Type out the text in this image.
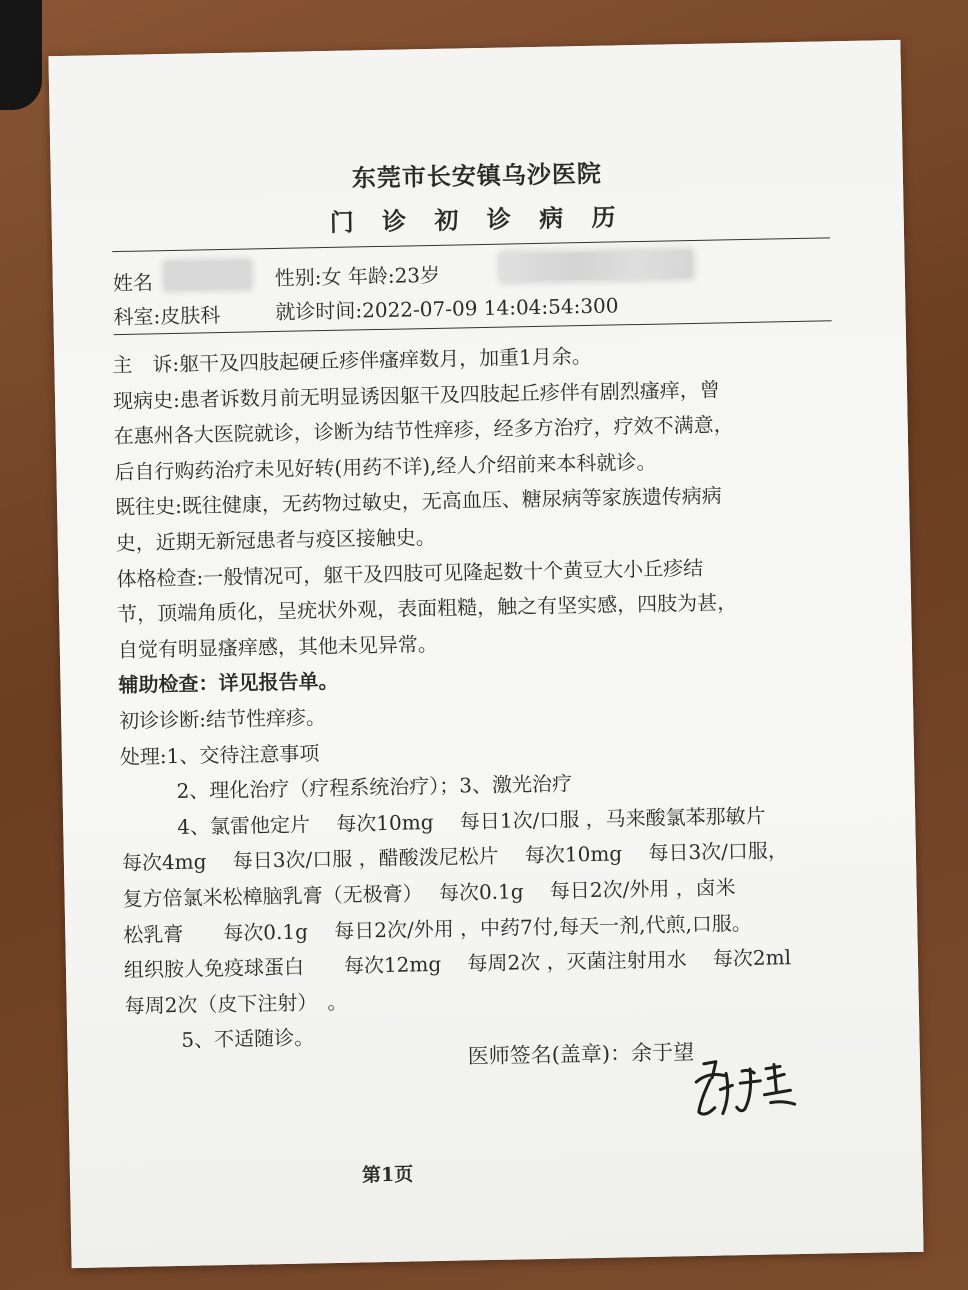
东莞市长安镇乌沙医院
门 诊 初 诊 病 历
姓名	性别:女 年龄:23岁
科室:皮肤科	就诊时间:2022-07-09 14:04:54:300
主　诉:躯干及四肢起硬丘疹伴瘙痒数月，加重1月余。
现病史:患者诉数月前无明显诱因躯干及四肢起丘疹伴有剧烈瘙痒，曾
在惠州各大医院就诊，诊断为结节性痒疹，经多方治疗，疗效不满意，
后自行购药治疗未见好转(用药不详),经人介绍前来本科就诊。
既往史:既往健康，无药物过敏史，无高血压、糖尿病等家族遗传病病
史，近期无新冠患者与疫区接触史。
体格检查:一般情况可，躯干及四肢可见隆起数十个黄豆大小丘疹结
节，顶端角质化，呈疣状外观，表面粗糙，触之有坚实感，四肢为甚，
自觉有明显瘙痒感，其他未见异常。
辅助检查：详见报告单。
初诊诊断:结节性痒疹。
处理:1、交待注意事项
2、理化治疗（疗程系统治疗）；3、激光治疗
4、氯雷他定片　 每次10mg　 每日1次/口服 ，马来酸氯苯那敏片
每次4mg　 每日3次/口服 ，醋酸泼尼松片　 每次10mg　 每日3次/口服，
复方倍氯米松樟脑乳膏（无极膏）　 每次0.1g　 每日2次/外用 ，卤米
松乳膏　　每次0.1g　 每日2次/外用 ，中药7付,每天一剂,代煎,口服。
组织胺人免疫球蛋白　　每次12mg　 每周2次 ，灭菌注射用水　 每次2ml
每周2次（皮下注射）　。
5、不适随诊。
医师签名(盖章)：余于望
第1页
